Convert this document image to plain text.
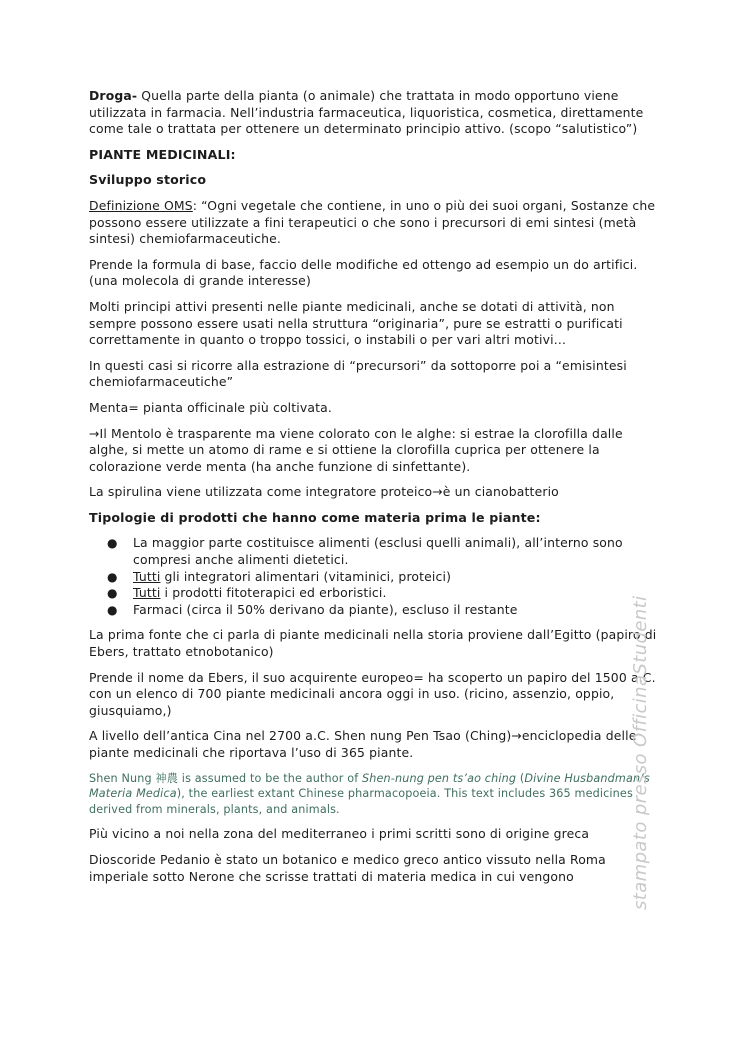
Droga- Quella parte della pianta (o animale) che trattata in modo opportuno viene utilizzata in farmacia. Nell’industria farmaceutica, liquoristica, cosmetica, direttamente come tale o trattata per ottenere un determinato principio attivo. (scopo “salutistico”)

PIANTE MEDICINALI:

Sviluppo storico

Definizione OMS: “Ogni vegetale che contiene, in uno o più dei suoi organi, Sostanze che possono essere utilizzate a fini terapeutici o che sono i precursori di emi sintesi (metà sintesi) chemiofarmaceutiche.

Prende la formula di base, faccio delle modifiche ed ottengo ad esempio un do artifici. (una molecola di grande interesse)

Molti principi attivi presenti nelle piante medicinali, anche se dotati di attività, non sempre possono essere usati nella struttura “originaria”, pure se estratti o purificati correttamente in quanto o troppo tossici, o instabili o per vari altri motivi…

In questi casi si ricorre alla estrazione di “precursori” da sottoporre poi a “emisintesi chemiofarmaceutiche”

Menta= pianta officinale più coltivata.

→Il Mentolo è trasparente ma viene colorato con le alghe: si estrae la clorofilla dalle alghe, si mette un atomo di rame e si ottiene la clorofilla cuprica per ottenere la colorazione verde menta (ha anche funzione di sinfettante).

La spirulina viene utilizzata come integratore proteico→è un cianobatterio

Tipologie di prodotti che hanno come materia prima le piante:

● La maggior parte costituisce alimenti (esclusi quelli animali), all’interno sono compresi anche alimenti dietetici.
● Tutti gli integratori alimentari (vitaminici, proteici)
● Tutti i prodotti fitoterapici ed erboristici.
● Farmaci (circa il 50% derivano da piante), escluso il restante

La prima fonte che ci parla di piante medicinali nella storia proviene dall’Egitto (papiro di Ebers, trattato etnobotanico)

Prende il nome da Ebers, il suo acquirente europeo= ha scoperto un papiro del 1500 a.C. con un elenco di 700 piante medicinali ancora oggi in uso. (ricino, assenzio, oppio, giusquiamo,)

A livello dell’antica Cina nel 2700 a.C. Shen nung Pen Tsao (Ching)→enciclopedia delle piante medicinali che riportava l’uso di 365 piante.

Shen Nung 神農 is assumed to be the author of Shen-nung pen ts’ao ching (Divine Husbandman’s Materia Medica), the earliest extant Chinese pharmacopoeia. This text includes 365 medicines derived from minerals, plants, and animals.

Più vicino a noi nella zona del mediterraneo i primi scritti sono di origine greca

Dioscoride Pedanio è stato un botanico e medico greco antico vissuto nella Roma imperiale sotto Nerone che scrisse trattati di materia medica in cui vengono	stampato presso OfficinaStudenti
